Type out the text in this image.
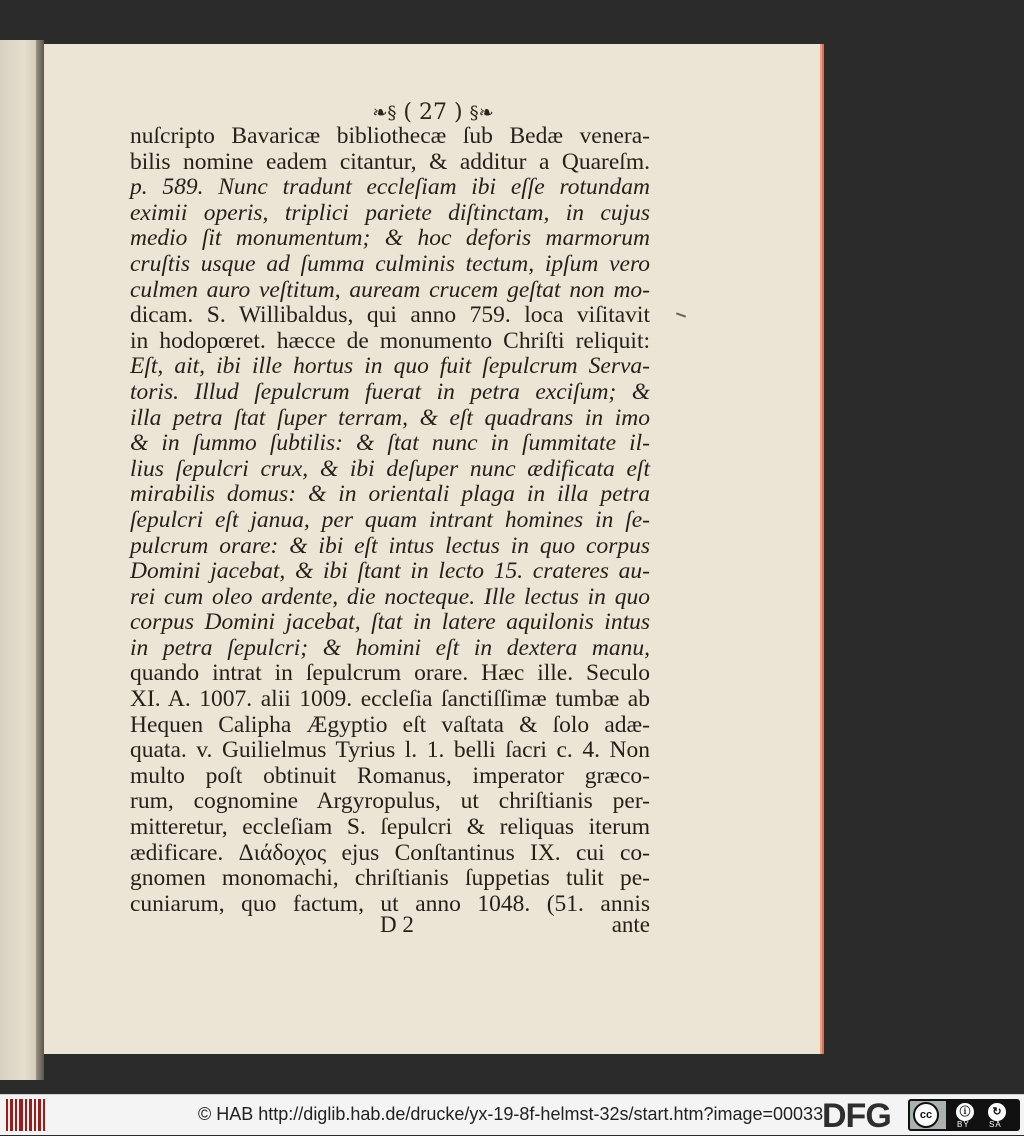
❧§ ( 27 ) §❧
nuſcripto Bavaricæ bibliothecæ ſub Bedæ venera-
bilis nomine eadem citantur, & additur a Quareſm.
p. 589. Nunc tradunt eccleſiam ibi eſſe rotundam
eximii operis, triplici pariete diſtinctam, in cujus
medio ſit monumentum; & hoc deforis marmorum
cruſtis usque ad ſumma culminis tectum, ipſum vero
culmen auro veſtitum, auream crucem geſtat non mo-
dicam. S. Willibaldus, qui anno 759. loca viſitavit
in hodopœret. hæcce de monumento Chriſti reliquit:
Eſt, ait, ibi ille hortus in quo fuit ſepulcrum Serva-
toris. Illud ſepulcrum fuerat in petra exciſum; &
illa petra ſtat ſuper terram, & eſt quadrans in imo
& in ſummo ſubtilis: & ſtat nunc in ſummitate il-
lius ſepulcri crux, & ibi deſuper nunc ædificata eſt
mirabilis domus: & in orientali plaga in illa petra
ſepulcri eſt janua, per quam intrant homines in ſe-
pulcrum orare: & ibi eſt intus lectus in quo corpus
Domini jacebat, & ibi ſtant in lecto 15. crateres au-
rei cum oleo ardente, die nocteque. Ille lectus in quo
corpus Domini jacebat, ſtat in latere aquilonis intus
in petra ſepulcri; & homini eſt in dextera manu,
quando intrat in ſepulcrum orare. Hæc ille. Seculo
XI. A. 1007. alii 1009. eccleſia ſanctiſſimæ tumbæ ab
Hequen Calipha Ægyptio eſt vaſtata & ſolo adæ-
quata. v. Guilielmus Tyrius l. 1. belli ſacri c. 4. Non
multo poſt obtinuit Romanus, imperator græco-
rum, cognomine Argyropulus, ut chriſtianis per-
mitteretur, eccleſiam S. ſepulcri & reliquas iterum
ædificare. Διάδοχος ejus Conſtantinus IX. cui co-
gnomen monomachi, chriſtianis ſuppetias tulit pe-
cuniarum, quo factum, ut anno 1048. (51. annis
D 2	ante
© HAB http://diglib.hab.de/drucke/yx-19-8f-helmst-32s/start.htm?image=00033
DFG	cc	ⓘ	↻
BY SA
